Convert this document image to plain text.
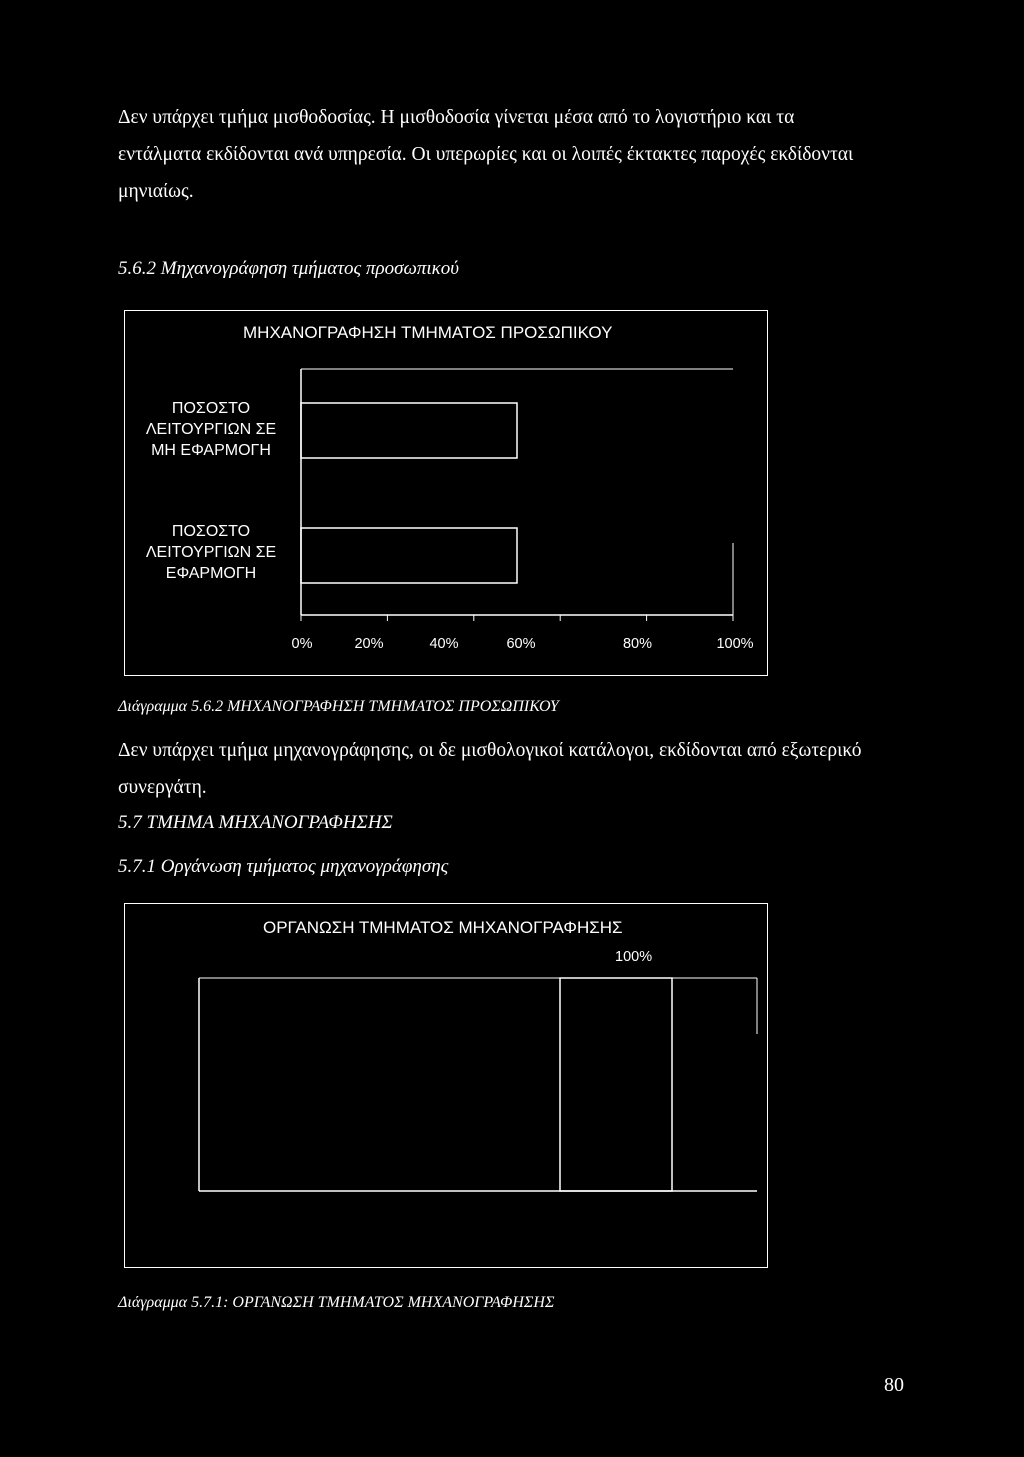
Δεν υπάρχει τμήμα μισθοδοσίας. Η μισθοδοσία γίνεται μέσα από το λογιστήριο και τα εντάλματα εκδίδονται ανά υπηρεσία. Οι υπερωρίες και οι λοιπές έκτακτες παροχές εκδίδονται μηνιαίως.

5.6.2 Μηχανογράφηση τμήματος προσωπικού

ΜΗΧΑΝΟΓΡΑΦΗΣΗ ΤΜΗΜΑΤΟΣ ΠΡΟΣΩΠΙΚΟΥ
ΠΟΣΟΣΤΟ
ΛΕΙΤΟΥΡΓΙΩΝ ΣΕ
ΜΗ ΕΦΑΡΜΟΓΗ
ΠΟΣΟΣΤΟ
ΛΕΙΤΟΥΡΓΙΩΝ ΣΕ
ΕΦΑΡΜΟΓΗ
0%	20%	40%	60%	80%	100%

Διάγραμμα 5.6.2 ΜΗΧΑΝΟΓΡΑΦΗΣΗ ΤΜΗΜΑΤΟΣ ΠΡΟΣΩΠΙΚΟΥ

Δεν υπάρχει τμήμα μηχανογράφησης, οι δε μισθολογικοί κατάλογοι, εκδίδονται από εξωτερικό συνεργάτη.

5.7 ΤΜΗΜΑ ΜΗΧΑΝΟΓΡΑΦΗΣΗΣ

5.7.1 Οργάνωση τμήματος μηχανογράφησης

ΟΡΓΑΝΩΣΗ ΤΜΗΜΑΤΟΣ ΜΗΧΑΝΟΓΡΑΦΗΣΗΣ
100%

Διάγραμμα 5.7.1: ΟΡΓΑΝΩΣΗ ΤΜΗΜΑΤΟΣ ΜΗΧΑΝΟΓΡΑΦΗΣΗΣ

80
